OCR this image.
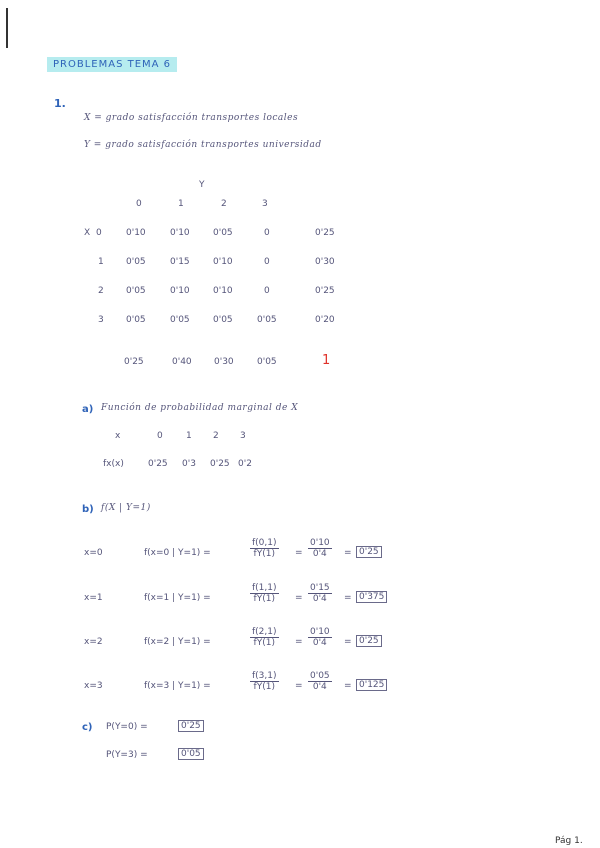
PROBLEMAS TEMA 6
1.
X = grado satisfacción transportes locales
Y = grado satisfacción transportes universidad
Y
0	1	2	3
X 0	0'10	0'10	0'05	0	0'25
1 0'05	0'15	0'10	0	0'30
2 0'05	0'10	0'10	0	0'25
3 0'05	0'05	0'05	0'05	0'20
0'25	0'40 0'30	0'05	1
a) Función de probabilidad marginal de X
x	0	1 2 3
fx(x)	0'25 0'3 0'25 0'2
b) f(X | Y=1)
x=0	f(x=0 | Y=1) =	$\frac{f(0,1)}{fY(1)} = \frac{0'10}{0'4} = 0'25$
x=1	f(x=1 | Y=1) =	$\frac{f(1,1)}{fY(1)} = \frac{0'15}{0'4} = 0'375$
x=2	f(x=2 | Y=1) =	$\frac{f(2,1)}{fY(1)} = \frac{0'10}{0'4} = 0'25$
x=3	f(x=3 | Y=1) =	$\frac{f(3,1)}{fY(1)} = \frac{0'05}{0'4} = 0'125$
c) P(Y=0) =	0'25
P(Y=3) =	0'05
Pág 1.
